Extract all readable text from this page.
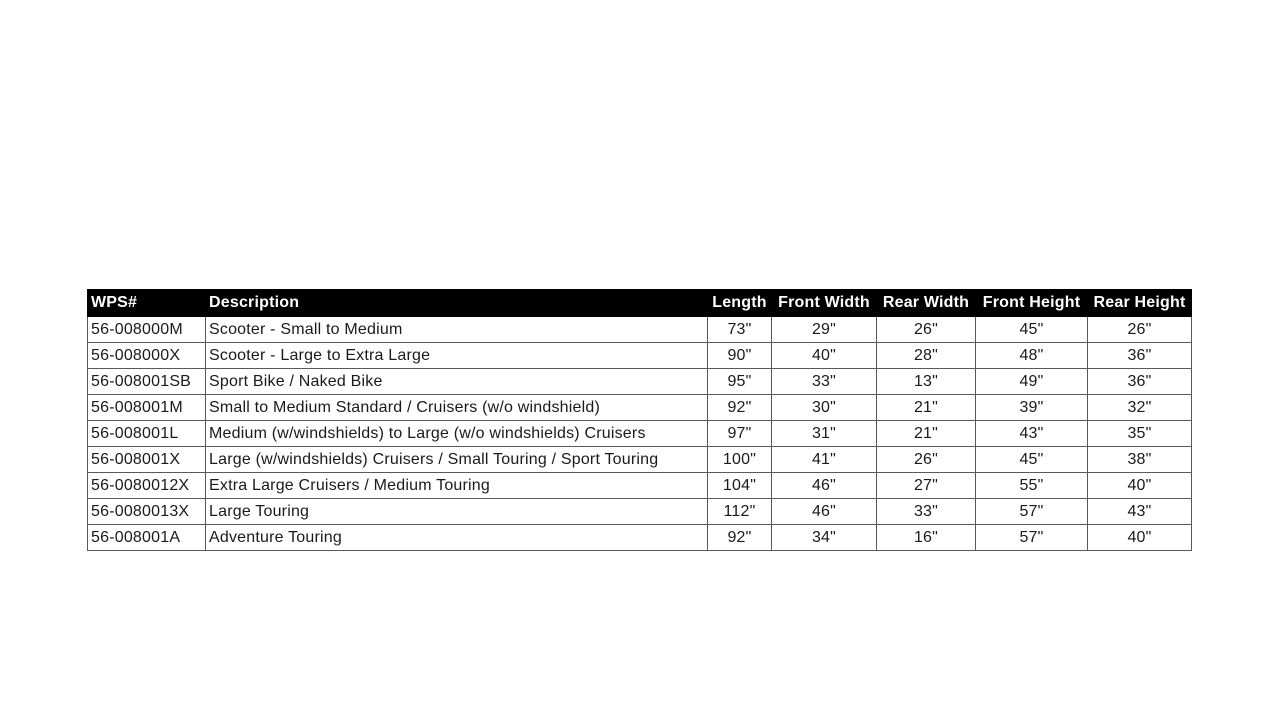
WPS#	Description	Length	Front Width	Rear Width	Front Height	Rear Height
56-008000M	Scooter - Small to Medium	73"	29"	26"	45"	26"
56-008000X	Scooter - Large to Extra Large	90"	40"	28"	48"	36"
56-008001SB	Sport Bike / Naked Bike	95"	33"	13"	49"	36"
56-008001M	Small to Medium Standard / Cruisers (w/o windshield)	92"	30"	21"	39"	32"
56-008001L	Medium (w/windshields) to Large (w/o windshields) Cruisers	97"	31"	21"	43"	35"
56-008001X	Large (w/windshields) Cruisers / Small Touring / Sport Touring	100"	41"	26"	45"	38"
56-0080012X	Extra Large Cruisers / Medium Touring	104"	46"	27"	55"	40"
56-0080013X	Large Touring	112"	46"	33"	57"	43"
56-008001A	Adventure Touring	92"	34"	16"	57"	40"
